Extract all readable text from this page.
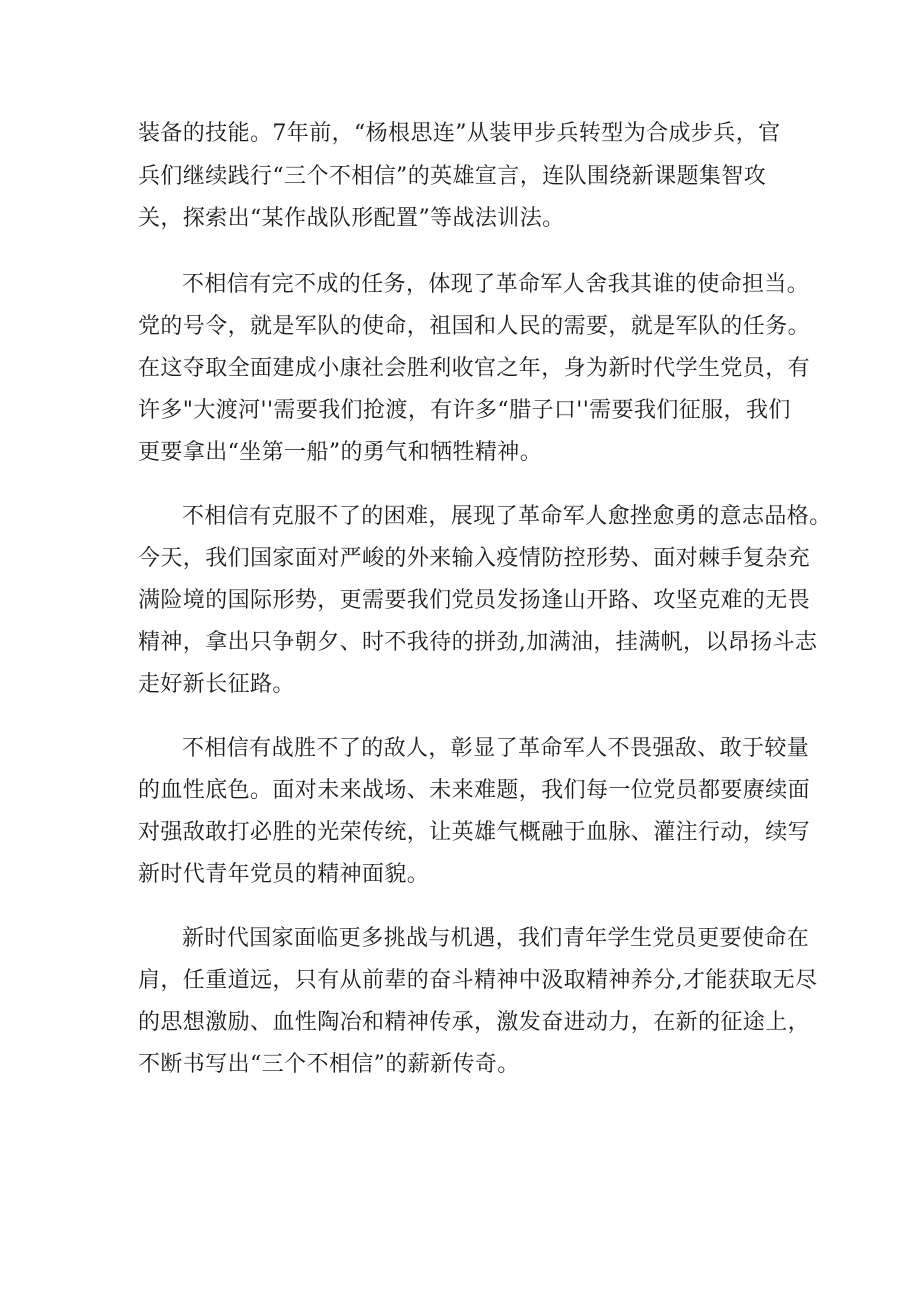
装备的技能。7年前，“杨根思连”从装甲步兵转型为合成步兵，官
兵们继续践行“三个不相信”的英雄宣言，连队围绕新课题集智攻
关，探索出“某作战队形配置”等战法训法。
不相信有完不成的任务，体现了革命军人舍我其谁的使命担当。
党的号令，就是军队的使命，祖国和人民的需要，就是军队的任务。
在这夺取全面建成小康社会胜利收官之年，身为新时代学生党员，有
许多"大渡河''需要我们抢渡，有许多“腊子口''需要我们征服，我们
更要拿出“坐第一船”的勇气和牺牲精神。
不相信有克服不了的困难，展现了革命军人愈挫愈勇的意志品格。
今天，我们国家面对严峻的外来输入疫情防控形势、面对棘手复杂充
满险境的国际形势，更需要我们党员发扬逢山开路、攻坚克难的无畏
精神，拿出只争朝夕、时不我待的拼劲,加满油，挂满帆，以昂扬斗志
走好新长征路。
不相信有战胜不了的敌人，彰显了革命军人不畏强敌、敢于较量
的血性底色。面对未来战场、未来难题，我们每一位党员都要赓续面
对强敌敢打必胜的光荣传统，让英雄气概融于血脉、灌注行动，续写
新时代青年党员的精神面貌。
新时代国家面临更多挑战与机遇，我们青年学生党员更要使命在
肩，任重道远，只有从前辈的奋斗精神中汲取精神养分,才能获取无尽
的思想激励、血性陶冶和精神传承，激发奋进动力，在新的征途上，
不断书写出“三个不相信”的薪新传奇。
